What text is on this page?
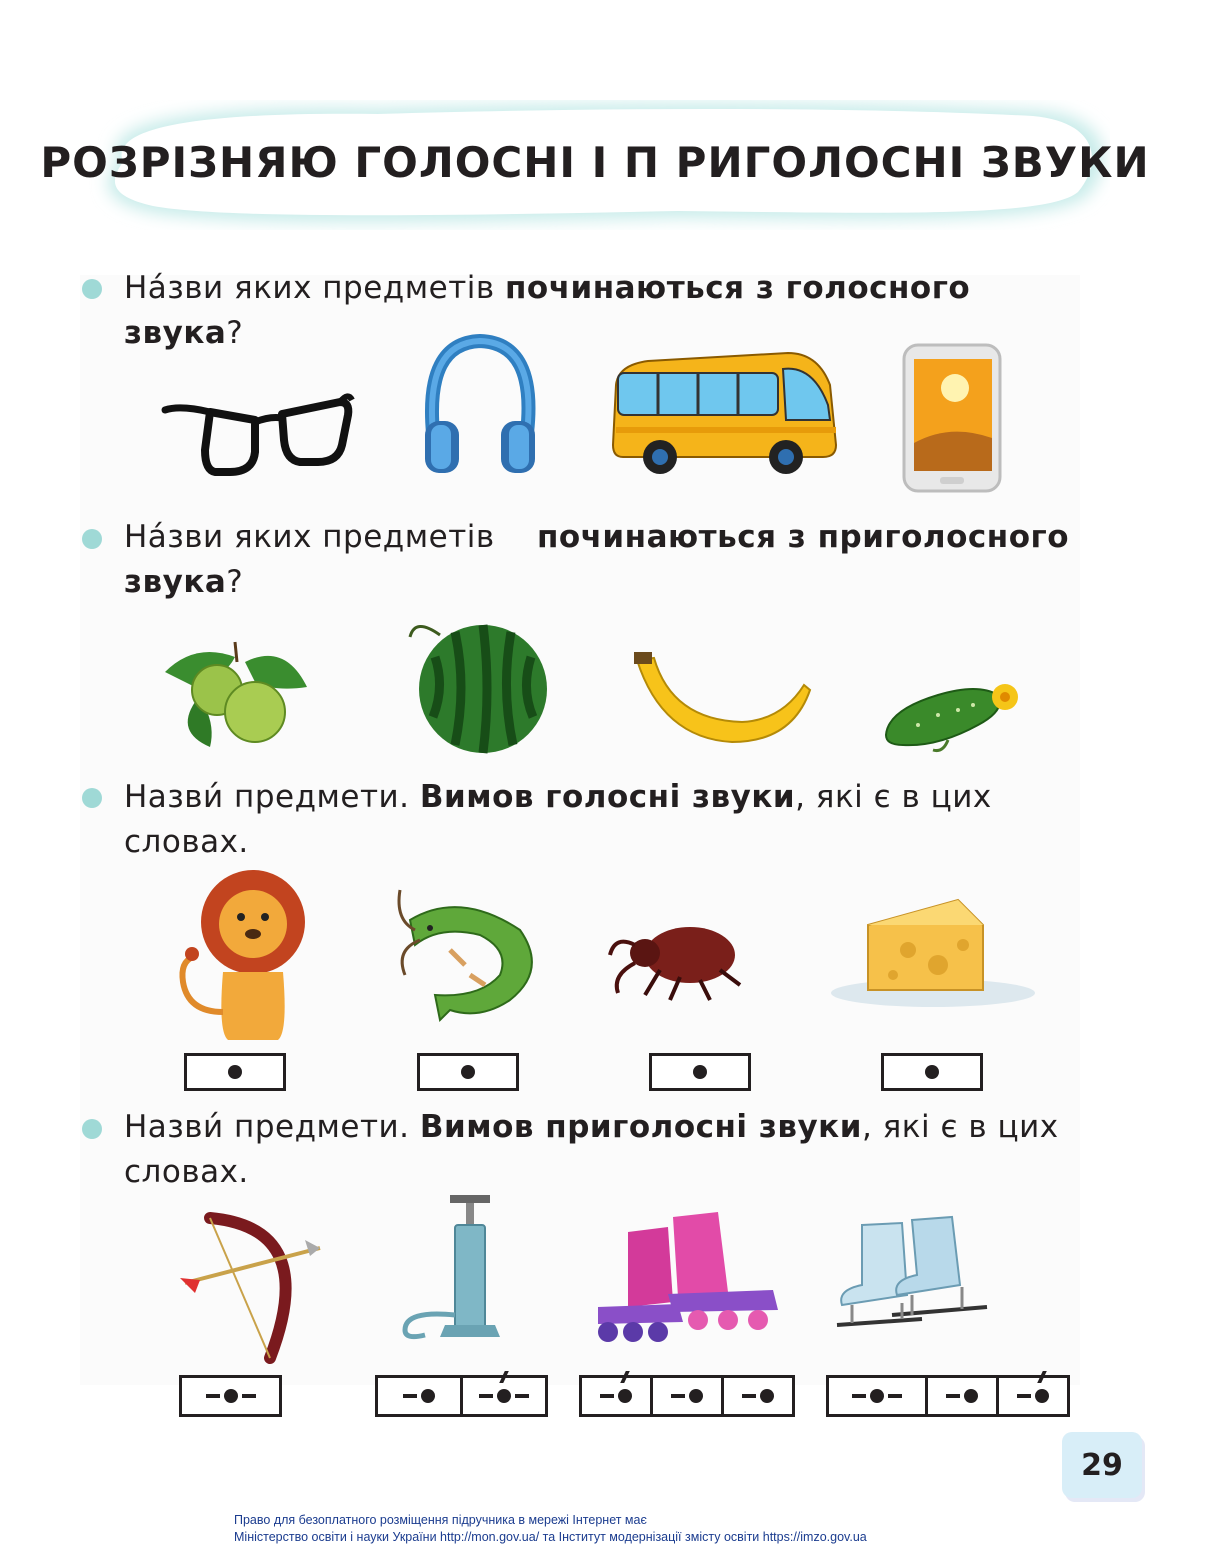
РОЗРІЗНЯЮ ГОЛОСНІ І П РИГОЛОСНІ ЗВУКИ
На́зви яких предметів починаються з голосного звука?
На́зви яких предметів починаються з приголосного
звука?
Назви́ предмети. Вимов голосні звуки, які є в цих
словах.
Назви́ предмети. Вимов приголосні звуки, які є в цих
словах.
29
Право для безоплатного розміщення підручника в мережі Інтернет має
Міністерство освіти і науки України http://mon.gov.ua/ та Інститут модернізації змісту освіти https://imzo.gov.ua
